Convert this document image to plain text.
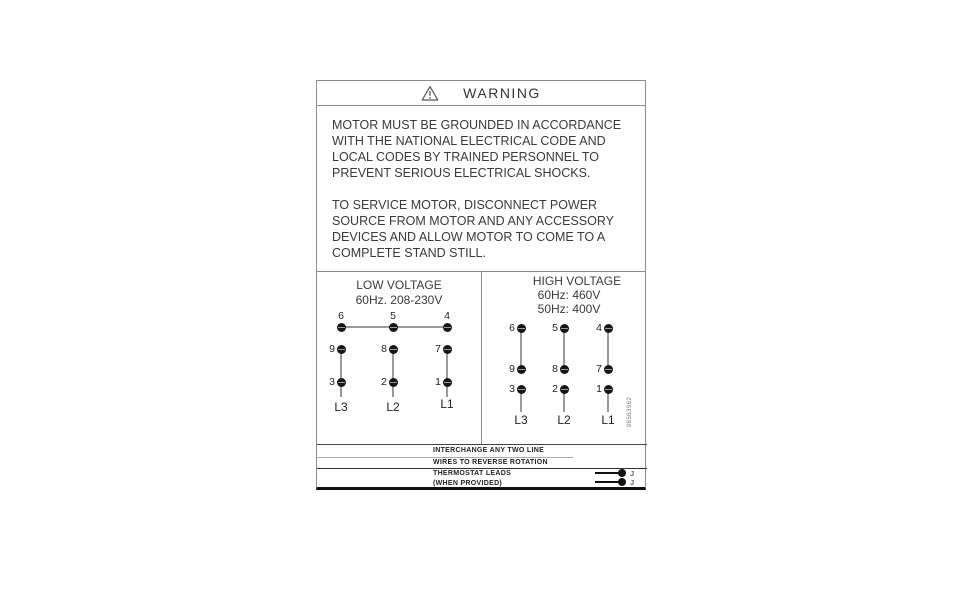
WARNING
MOTOR MUST BE GROUNDED IN ACCORDANCE
WITH THE NATIONAL ELECTRICAL CODE AND
LOCAL CODES BY TRAINED PERSONNEL TO
PREVENT SERIOUS ELECTRICAL SHOCKS.
TO SERVICE MOTOR, DISCONNECT POWER
SOURCE FROM MOTOR AND ANY ACCESSORY
DEVICES AND ALLOW MOTOR TO COME TO A
COMPLETE STAND STILL.
LOW VOLTAGE
60Hz. 208-230V
6	5	4
9	8	7
3	2	1
L3	L2	L1
HIGH VOLTAGE
60Hz: 460V
50Hz: 400V
6	5	4
9	8	7
3	2	1
L3	L2	L1	96563962
INTERCHANGE ANY TWO LINE
WIRES TO REVERSE ROTATION
THERMOSTAT LEADS
(WHEN PROVIDED)
J
J
